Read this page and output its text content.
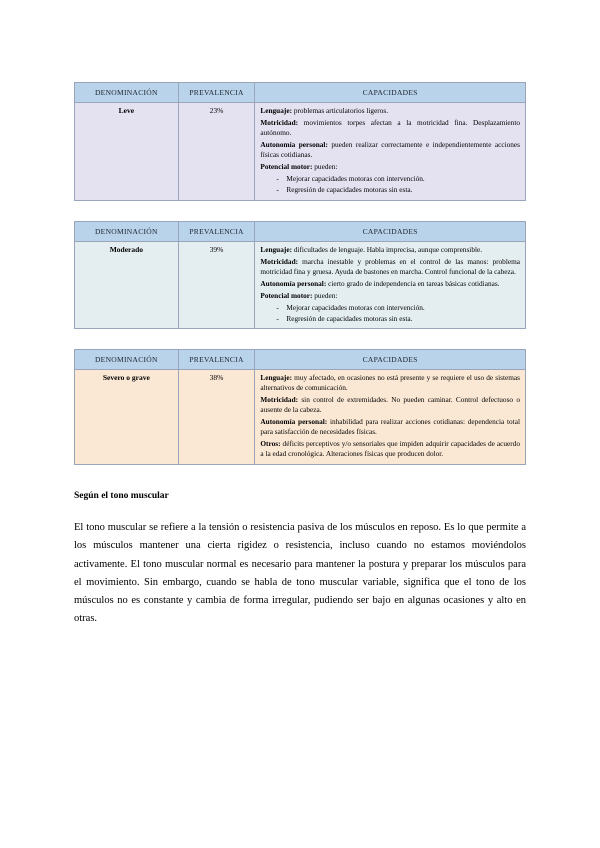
DENOMINACIÓN	PREVALENCIA	CAPACIDADES
Leve	23%	Lenguaje: problemas articulatorios ligeros.

Motricidad: movimientos torpes afectan a la motricidad fina. Desplazamiento autónomo.

Autonomía personal: pueden realizar correctamente e independientemente acciones físicas cotidianas.

Potencial motor: pueden:

- Mejorar capacidades motoras con intervención.
- Regresión de capacidades motoras sin esta.
DENOMINACIÓN	PREVALENCIA	CAPACIDADES
Moderado	39%	Lenguaje: dificultades de lenguaje. Habla imprecisa, aunque comprensible.

Motricidad: marcha inestable y problemas en el control de las manos: problema motricidad fina y gruesa. Ayuda de bastones en marcha. Control funcional de la cabeza.

Autonomía personal: cierto grado de independencia en tareas básicas cotidianas.

Potencial motor: pueden:

- Mejorar capacidades motoras con intervención.
- Regresión de capacidades motoras sin esta.
DENOMINACIÓN	PREVALENCIA	CAPACIDADES
Severo o grave	38%	Lenguaje: muy afectado, en ocasiones no está presente y se requiere el uso de sistemas alternativos de comunicación.

Motricidad: sin control de extremidades. No pueden caminar. Control defectuoso o ausente de la cabeza.

Autonomía personal: inhabilidad para realizar acciones cotidianas: dependencia total para satisfacción de necesidades físicas.

Otros: déficits perceptivos y/o sensoriales que impiden adquirir capacidades de acuerdo a la edad cronológica. Alteraciones físicas que producen dolor.

Según el tono muscular

El tono muscular se refiere a la tensión o resistencia pasiva de los músculos en reposo. Es lo que permite a los músculos mantener una cierta rigidez o resistencia, incluso cuando no estamos moviéndolos activamente. El tono muscular normal es necesario para mantener la postura y preparar los músculos para el movimiento. Sin embargo, cuando se habla de tono muscular variable, significa que el tono de los músculos no es constante y cambia de forma irregular, pudiendo ser bajo en algunas ocasiones y alto en otras.
